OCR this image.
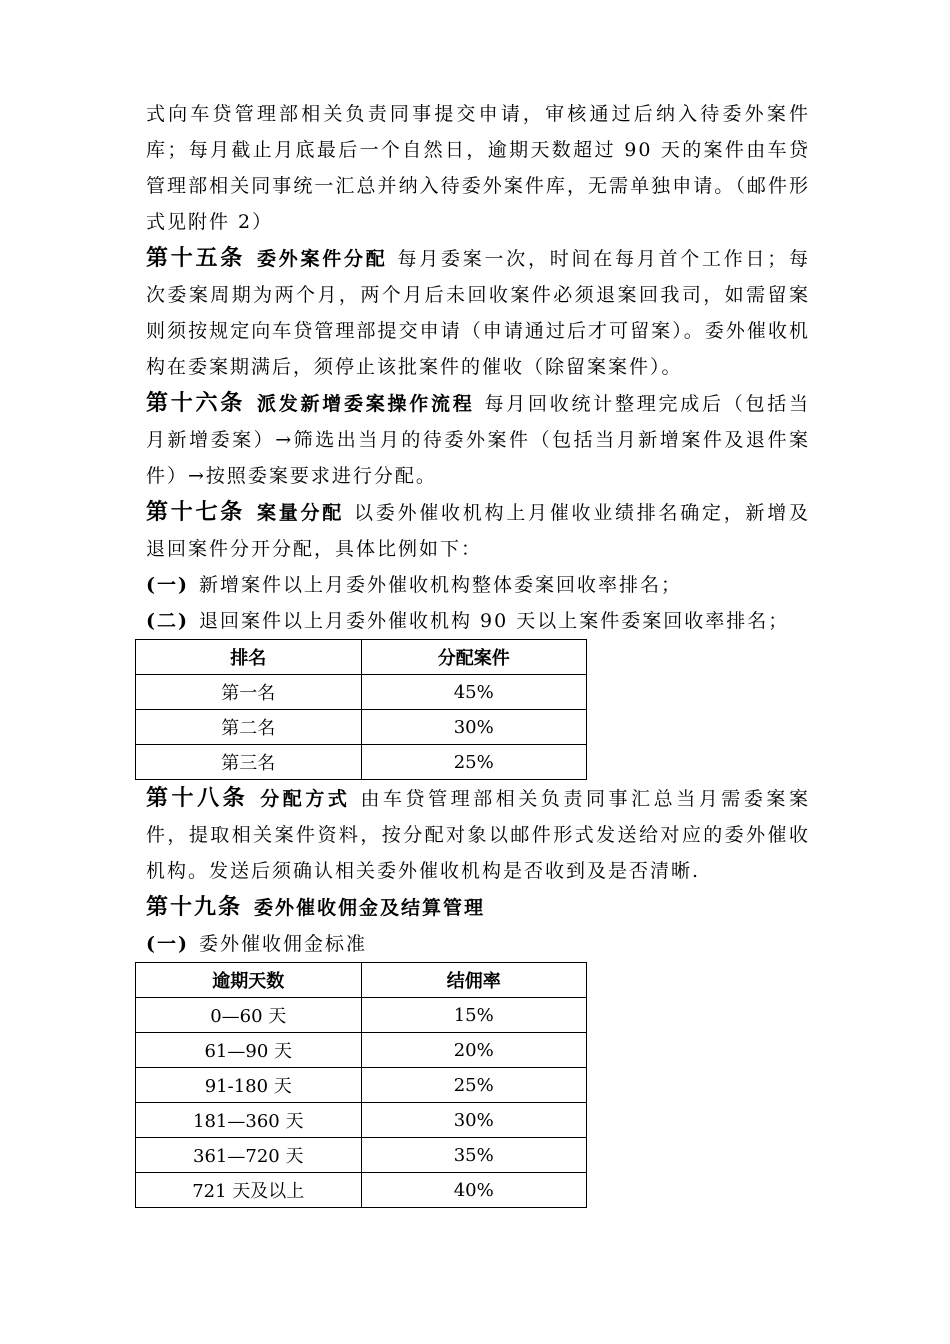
式向车贷管理部相关负责同事提交申请，审核通过后纳入待委外案件库；每月截止月底最后一个自然日，逾期天数超过 90 天的案件由车贷管理部相关同事统一汇总并纳入待委外案件库，无需单独申请。（邮件形式见附件 2）

第十五条 委外案件分配 每月委案一次，时间在每月首个工作日；每次委案周期为两个月，两个月后未回收案件必须退案回我司，如需留案则须按规定向车贷管理部提交申请（申请通过后才可留案）。委外催收机构在委案期满后，须停止该批案件的催收（除留案案件）。

第十六条 派发新增委案操作流程 每月回收统计整理完成后（包括当月新增委案）→筛选出当月的待委外案件（包括当月新增案件及退件案件）→按照委案要求进行分配。

第十七条 案量分配 以委外催收机构上月催收业绩排名确定，新增及退回案件分开分配，具体比例如下：

(一) 新增案件以上月委外催收机构整体委案回收率排名；

(二) 退回案件以上月委外催收机构 90 天以上案件委案回收率排名；

排名	分配案件
第一名	45%
第二名	30%
第三名	25%

第十八条 分配方式 由车贷管理部相关负责同事汇总当月需委案案件，提取相关案件资料，按分配对象以邮件形式发送给对应的委外催收机构。发送后须确认相关委外催收机构是否收到及是否清晰.

第十九条 委外催收佣金及结算管理

(一) 委外催收佣金标准

逾期天数	结佣率
0—60 天	15%
61—90 天	20%
91-180 天	25%
181—360 天	30%
361—720 天	35%
721 天及以上	40%
